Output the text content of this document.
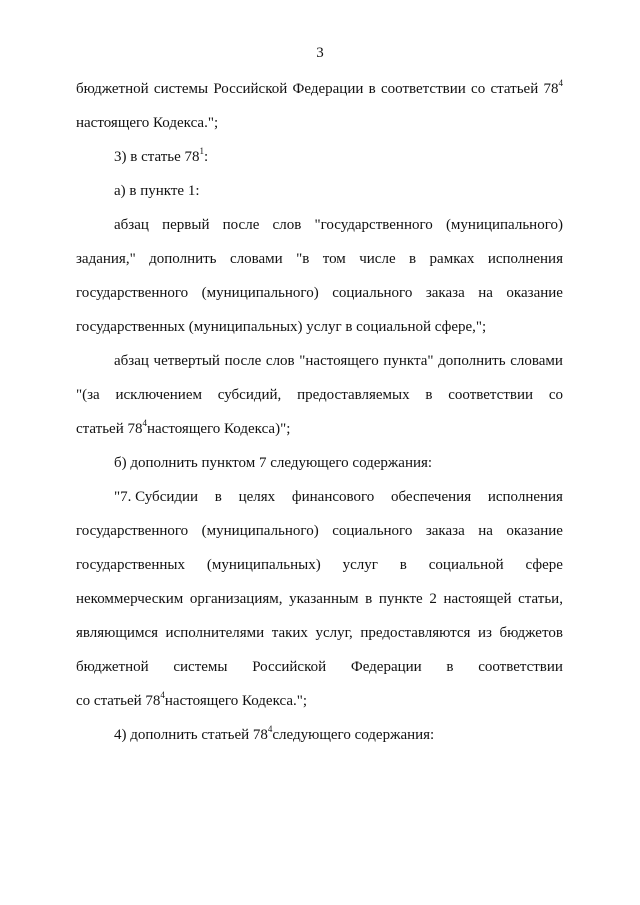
3
бюджетной системы Российской Федерации в соответствии со статьей $78^4$
настоящего Кодекса.";
3) в статье $78^1$:
а) в пункте 1:
абзац первый после слов "государственного (муниципального)
задания," дополнить словами "в том числе в рамках исполнения
государственного (муниципального) социального заказа на оказание
государственных (муниципальных) услуг в социальной сфере,";
абзац четвертый после слов "настоящего пункта" дополнить словами
"(за исключением субсидий, предоставляемых в соответствии со
статьей $78^4настоящего$ Кодекса)";
б) дополнить пунктом 7 следующего содержания:
"7. Субсидии в целях финансового обеспечения исполнения
государственного (муниципального) социального заказа на оказание
государственных (муниципальных) услуг в социальной сфере
некоммерческим организациям, указанным в пункте 2 настоящей статьи,
являющимся исполнителями таких услуг, предоставляются из бюджетов
бюджетной системы Российской Федерации в соответствии
со статьей $78^4настоящего$ Кодекса.";
4) дополнить статьей $78^4следующего$ содержания:
